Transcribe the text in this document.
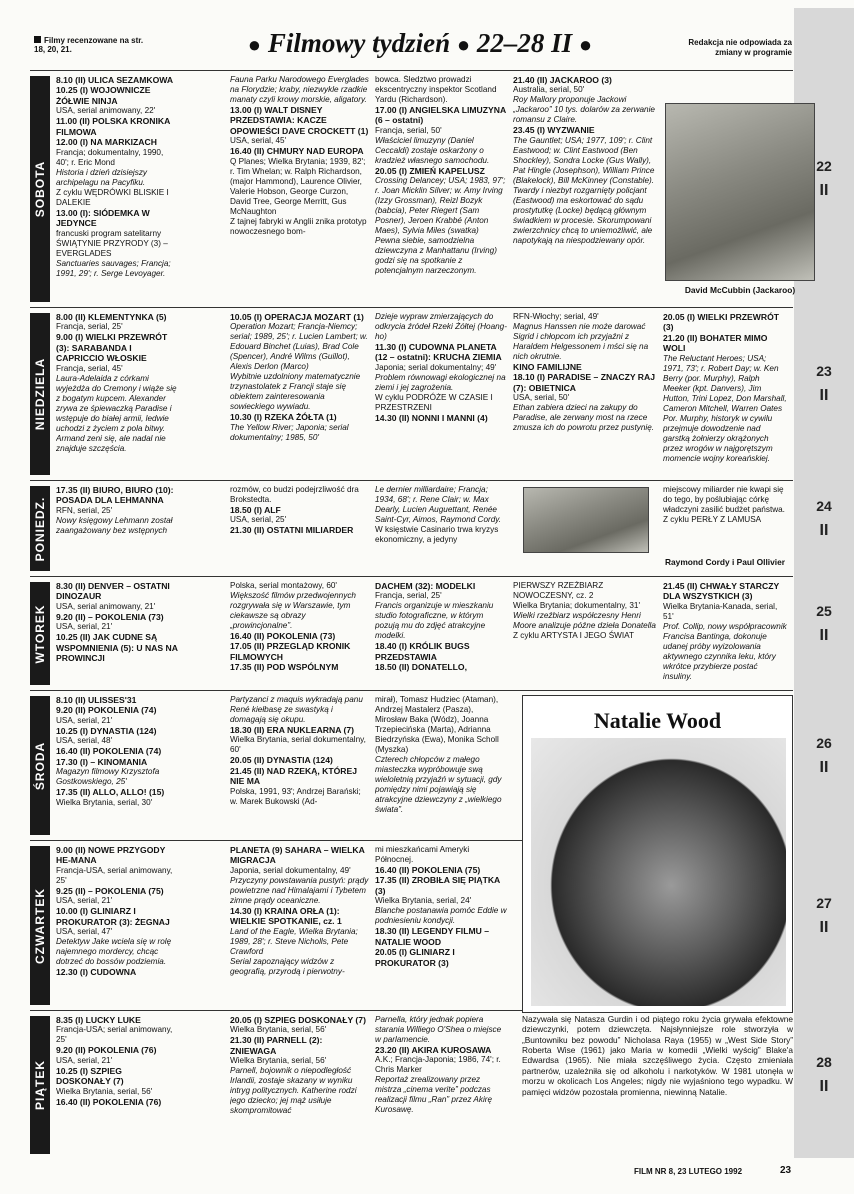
Filmy recenzowane na str. 18, 20, 21.	● Filmowy tydzień ● 22–28 II ●	Redakcja nie odpowiada za zmiany w programie
SOBOTA

8.10 (II) ULICA SEZAMKOWA

10.25 (I) WOJOWNICZE ŻÓŁWIE NINJA

USA, serial animowany, 22'

11.00 (II) POLSKA KRONIKA FILMOWA

12.00 (I) NA MARKIZACH

Francja; dokumentalny, 1990, 40'; r. Eric Mond

Historia i dzień dzisiejszy archipelagu na Pacyfiku.

Z cyklu WĘDRÓWKI BLISKIE I DALEKIE

13.00 (I): SIÓDEMKA W JEDYNCE

francuski program satelitarny ŚWIĄTYNIE PRZYRODY (3) – EVERGLADES

Sanctuaries sauvages; Francja; 1991, 29'; r. Serge Levoyager.

Fauna Parku Narodowego Everglades na Florydzie; kraby, niezwykle rzadkie manaty czyli krowy morskie, aligatory.

13.00 (I) WALT DISNEY PRZEDSTAWIA: KACZE OPOWIEŚCI DAVE CROCKETT (1)

USA, serial, 45'

16.40 (II) CHMURY NAD EUROPA

Q Planes; Wielka Brytania; 1939, 82'; r. Tim Whelan; w. Ralph Richardson, (major Hammond), Laurence Olivier, Valerie Hobson, George Curzon, David Tree, George Merritt, Gus McNaughton

Z tajnej fabryki w Anglii znika prototyp nowoczesnego bom-

bowca. Śledztwo prowadzi ekscentryczny inspektor Scotland Yardu (Richardson).

17.00 (I) ANGIELSKA LIMUZYNA (6 – ostatni)

Francja, serial, 50'

Właściciel limuzyny (Daniel Ceccaldi) zostaje oskarżony o kradzież własnego samochodu.

20.05 (I) ZMIEŃ KAPELUSZ

Crossing Delancey; USA; 1983, 97'; r. Joan Micklin Silver; w. Amy Irving (Izzy Grossman), Reizl Bozyk (babcia), Peter Riegert (Sam Posner), Jeroen Krabbé (Anton Maes), Sylvia Miles (swatka)

Pewna siebie, samodzielna dziewczyna z Manhattanu (Irving) godzi się na spotkanie z potencjalnym narzeczonym.

21.40 (II) JACKAROO (3)

Australia, serial, 50'

Roy Mallory proponuje Jackowi „Jackaroo” 10 tys. dolarów za zerwanie romansu z Claire.

23.45 (I) WYZWANIE

The Gauntlet; USA; 1977, 109'; r. Clint Eastwood; w. Clint Eastwood (Ben Shockley), Sondra Locke (Gus Wally), Pat Hingle (Josephson), William Prince (Blakelock), Bill McKinney (Constable).

Twardy i niezbyt rozgarnięty policjant (Eastwood) ma eskortować do sądu prostytutkę (Locke) będącą głównym świadkiem w procesie. Skorumpowani zwierzchnicy chcą to uniemożliwić, ale napotykają na niespodziewany opór.

David McCubbin (Jackaroo)
NIEDZIELA

8.00 (II) KLEMENTYNKA (5)

Francja, serial, 25'

9.00 (I) WIELKI PRZEWRÓT (3): SARABANDA I CAPRICCIO WŁOSKIE

Francja, serial, 45'

Laura-Adelaida z córkami wyjeżdża do Cremony i wiąże się z bogatym kupcem. Alexander zrywa ze śpiewaczką Paradise i wstępuje do białej armii, ledwie uchodzi z życiem z pola bitwy. Armand zeni się, ale nadal nie znajduje szczęścia.

10.05 (I) OPERACJA MOZART (1)

Operation Mozart; Francja-Niemcy; serial; 1989, 25'; r. Lucien Lambert; w. Edouard Binchet (Luias), Brad Cole (Spencer), André Wilms (Guillot), Alexis Derlon (Marco)

Wybitnie uzdolniony matematycznie trzynastolatek z Francji staje się obiektem zainteresowania sowieckiego wywiadu.

10.30 (I) RZEKA ŻÓŁTA (1)

The Yellow River; Japonia; serial dokumentalny; 1985, 50'

Dzieje wypraw zmierzających do odkrycia źródeł Rzeki Żółtej (Hoang-ho)

11.30 (I) CUDOWNA PLANETA (12 – ostatni): KRUCHA ZIEMIA

Japonia; serial dokumentalny; 49'

Problem równowagi ekologicznej na ziemi i jej zagrożenia.

W cyklu PODRÓŻE W CZASIE I PRZESTRZENI

14.30 (II) NONNI I MANNI (4)

RFN-Włochy; serial, 49'

Magnus Hanssen nie może darować Sigrid i chłopcom ich przyjaźni z Haraldem Helgessonem i mści się na nich okrutnie.

KINO FAMILIJNE

18.10 (I) PARADISE – ZNACZY RAJ (7): OBIETNICA

USA, serial, 50'

Ethan zabiera dzieci na zakupy do Paradise, ale zerwany most na rzece zmusza ich do powrotu przez pustynię.

20.05 (I) WIELKI PRZEWRÓT (3)

21.20 (II) BOHATER MIMO WOLI

The Reluctant Heroes; USA; 1971, 73'; r. Robert Day; w. Ken Berry (por. Murphy), Ralph Meeker (kpt. Danvers), Jim Hutton, Trini Lopez, Don Marshall, Cameron Mitchell, Warren Oates

Por. Murphy, historyk w cywilu przejmuje dowodzenie nad garstką żołnierzy okrążonych przez wrogów w najgorętszym momencie wojny koreańskiej.

PONIEDZ.

17.35 (II) BIURO, BIURO (10): POSADA DLA LEHMANNA

RFN, serial, 25'

Nowy księgowy Lehmann został zaangażowany bez wstępnych

rozmów, co budzi podejrzliwość dra Brokstedta.

18.50 (I) ALF

USA, serial, 25'

21.30 (II) OSTATNI MILIARDER

Le dernier milliardaire; Francja; 1934, 68'; r. Rene Clair; w. Max Dearly, Lucien Auguettant, Renée Saint-Cyr, Aimos, Raymond Cordy.

W księstwie Casinario trwa kryzys ekonomiczny, a jedyny

miejscowy miliarder nie kwapi się do tego, by poślubiając córkę władczyni zasilić budżet państwa.

Z cyklu PERŁY Z LAMUSA

Raymond Cordy i Paul Ollivier
WTOREK

8.30 (II) DENVER – OSTATNI DINOZAUR

USA, serial animowany, 21'

9.20 (II) – POKOLENIA (73)

USA, serial, 21'

10.25 (II) JAK CUDNE SĄ WSPOMNIENIA (5): U NAS NA PROWINCJI

Polska, serial montażowy, 60'

Większość filmów przedwojennych rozgrywała się w Warszawie, tym ciekawsze są obrazy „prowincjonalne”.

16.40 (II) POKOLENIA (73)

17.05 (II) PRZEGLĄD KRONIK FILMOWYCH

17.35 (II) POD WSPÓLNYM

DACHEM (32): MODELKI

Francja, serial, 25'

Francis organizuje w mieszkaniu studio fotograficzne, w którym pozują mu do zdjęć atrakcyjne modelki.

18.40 (I) KRÓLIK BUGS PRZEDSTAWIA

18.50 (II) DONATELLO,

PIERWSZY RZEŹBIARZ NOWOCZESNY, cz. 2

Wielka Brytania; dokumentalny, 31'

Wielki rzeźbiarz współczesny Henri Moore analizuje późne dzieła Donatella

Z cyklu ARTYSTA I JEGO ŚWIAT

21.45 (II) CHWAŁY STARCZY DLA WSZYSTKICH (3)

Wielka Brytania-Kanada, serial, 51'

Prof. Collip, nowy współpracownik Francisa Bantinga, dokonuje udanej próby wyizolowania aktywnego czynnika leku, który wkrótce przybierze postać insuliny.

ŚRODA

8.10 (II) ULISSES'31

9.20 (II) POKOLENIA (74)

USA, serial, 21'

10.25 (I) DYNASTIA (124)

USA, serial, 48'

16.40 (II) POKOLENIA (74)

17.30 (I) – KINOMANIA

Magazyn filmowy Krzysztofa Gostkowskiego, 25'

17.35 (II) ALLO, ALLO! (15)

Wielka Brytania, serial, 30'

Partyzanci z maquis wykradają panu René kiełbasę ze swastyką i domagają się okupu.

18.30 (II) ERA NUKLEARNA (7)

Wielka Brytania, serial dokumentalny, 60'

20.05 (II) DYNASTIA (124)

21.45 (II) NAD RZEKĄ, KTÓREJ NIE MA

Polska, 1991, 93'; Andrzej Barański; w. Marek Bukowski (Ad-

mirał), Tomasz Hudziec (Ataman), Andrzej Mastalerz (Pasza), Mirosław Baka (Wódz), Joanna Trzepiecińska (Marta), Adrianna Biedrzyńska (Ewa), Monika Scholl (Myszka)

Czterech chłopców z małego miasteczka wypróbowuje swą wieloletnią przyjaźń w sytuacji, gdy pomiędzy nimi pojawiają się atrakcyjne dziewczyny z „wielkiego świata”.

CZWARTEK

9.00 (II) NOWE PRZYGODY HE-MANA

Francja-USA, serial animowany, 25'

9.25 (II) – POKOLENIA (75)

USA, serial, 21'

10.00 (I) GLINIARZ I PROKURATOR (3): ŻEGNAJ

USA, serial, 47'

Detektyw Jake wciela się w rolę najemnego mordercy, chcąc dotrzeć do bossów podziemia.

12.30 (I) CUDOWNA

PLANETA (9) SAHARA – WIELKA MIGRACJA

Japonia, serial dokumentalny, 49'

Przyczyny powstawania pustyń: prądy powietrzne nad Himalajami i Tybetem zimne prądy oceaniczne.

14.30 (I) KRAINA ORŁA (1): WIELKIE SPOTKANIE, cz. 1

Land of the Eagle, Wielka Brytania; 1989, 28'; r. Steve Nicholls, Pete Crawford

Serial zapoznający widzów z geografią, przyrodą i pierwotny-

mi mieszkańcami Ameryki Północnej.

16.40 (II) POKOLENIA (75)

17.35 (II) ZROBIŁA SIĘ PIĄTKA (3)

Wielka Brytania, serial, 24'

Blanche postanawia pomóc Eddie w podniesieniu kondycji.

18.30 (II) LEGENDY FILMU – NATALIE WOOD

20.05 (I) GLINIARZ I PROKURATOR (3)

PIĄTEK

8.35 (I) LUCKY LUKE

Francja-USA; serial animowany, 25'

9.20 (II) POKOLENIA (76)

USA, serial, 21'

10.25 (I) SZPIEG DOSKONAŁY (7)

Wielka Brytania, serial, 56'

16.40 (II) POKOLENIA (76)

20.05 (I) SZPIEG DOSKONAŁY (7)

Wielka Brytania, serial, 56'

21.30 (II) PARNELL (2): ZNIEWAGA

Wielka Brytania, serial, 56'

Parnell, bojownik o niepodległość Irlandii, zostaje skazany w wyniku intryg politycznych. Katherine rodzi jego dziecko; jej mąż usiłuje skompromitować

Parnella, który jednak popiera starania Williego O'Shea o miejsce w parlamencie.

23.20 (II) AKIRA KUROSAWA

A.K.; Francja-Japonia; 1986, 74'; r. Chris Marker

Reportaż zrealizowany przez mistrza „cinema verite” podczas realizacji filmu „Ran” przez Akirę Kurosawę.

Natalie Wood
Nazywała się Natasza Gurdin i od piątego roku życia grywała efektowne dziewczynki, potem dziewczęta. Najsłynniejsze role stworzyła w „Buntowniku bez powodu” Nicholasa Raya (1955) w „West Side Story” Roberta Wise (1961) jako Maria w komedii „Wielki wyścig” Blake'a Edwardsa (1965). Nie miała szczęśliwego życia. Często zmieniała partnerów, uzależniła się od alkoholu i narkotyków. W 1981 utonęła w morzu w okolicach Los Angeles; nigdy nie wyjaśniono tego wypadku. W pamięci widzów pozostała promienna, niewinną Natalie.
FILM NR 8, 23 LUTEGO 1992	23
22
II
23
II
24
II
25
II
26
II
27
II
28
II
